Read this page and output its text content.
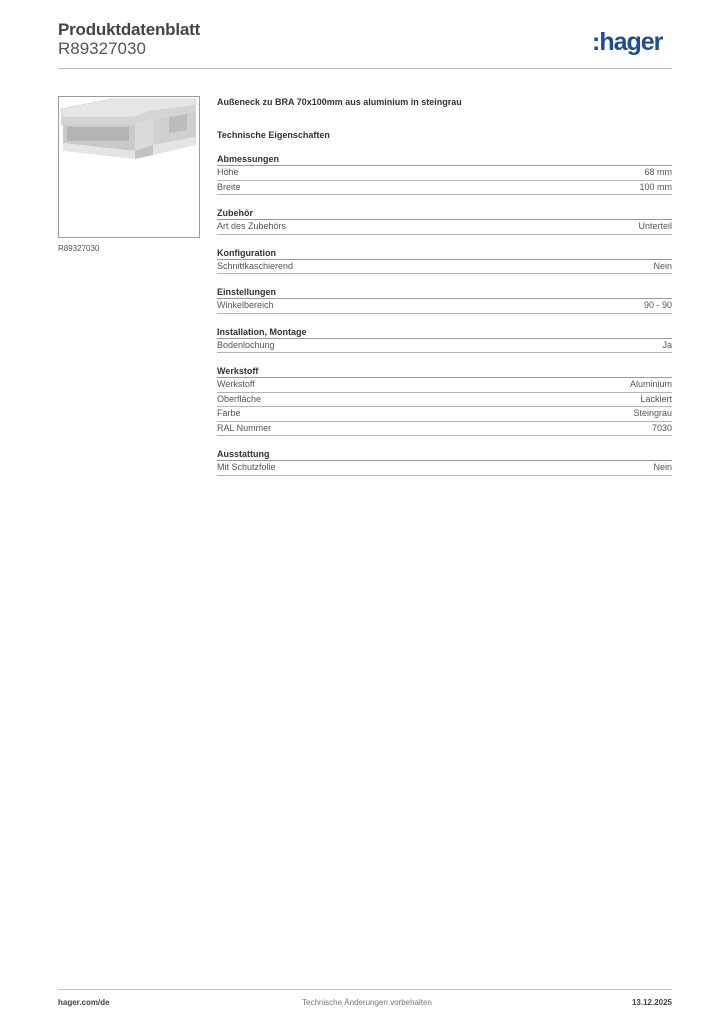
Produktdatenblatt
R89327030	:hager
R89327030
Außeneck zu BRA 70x100mm aus aluminium in steingrau
Technische Eigenschaften
Abmessungen
Höhe	68 mm
Breite	100 mm
Zubehör
Art des Zubehörs	Unterteil
Konfiguration
Schnittkaschierend	Nein
Einstellungen
Winkelbereich	90 - 90
Installation, Montage
Bodenlochung	Ja
Werkstoff
Werkstoff	Aluminium
Oberfläche	Lackiert
Farbe	Steingrau
RAL Nummer	7030
Ausstattung
Mit Schutzfolie	Nein
hager.com/de	Technische Änderungen vorbehalten	13.12.2025
